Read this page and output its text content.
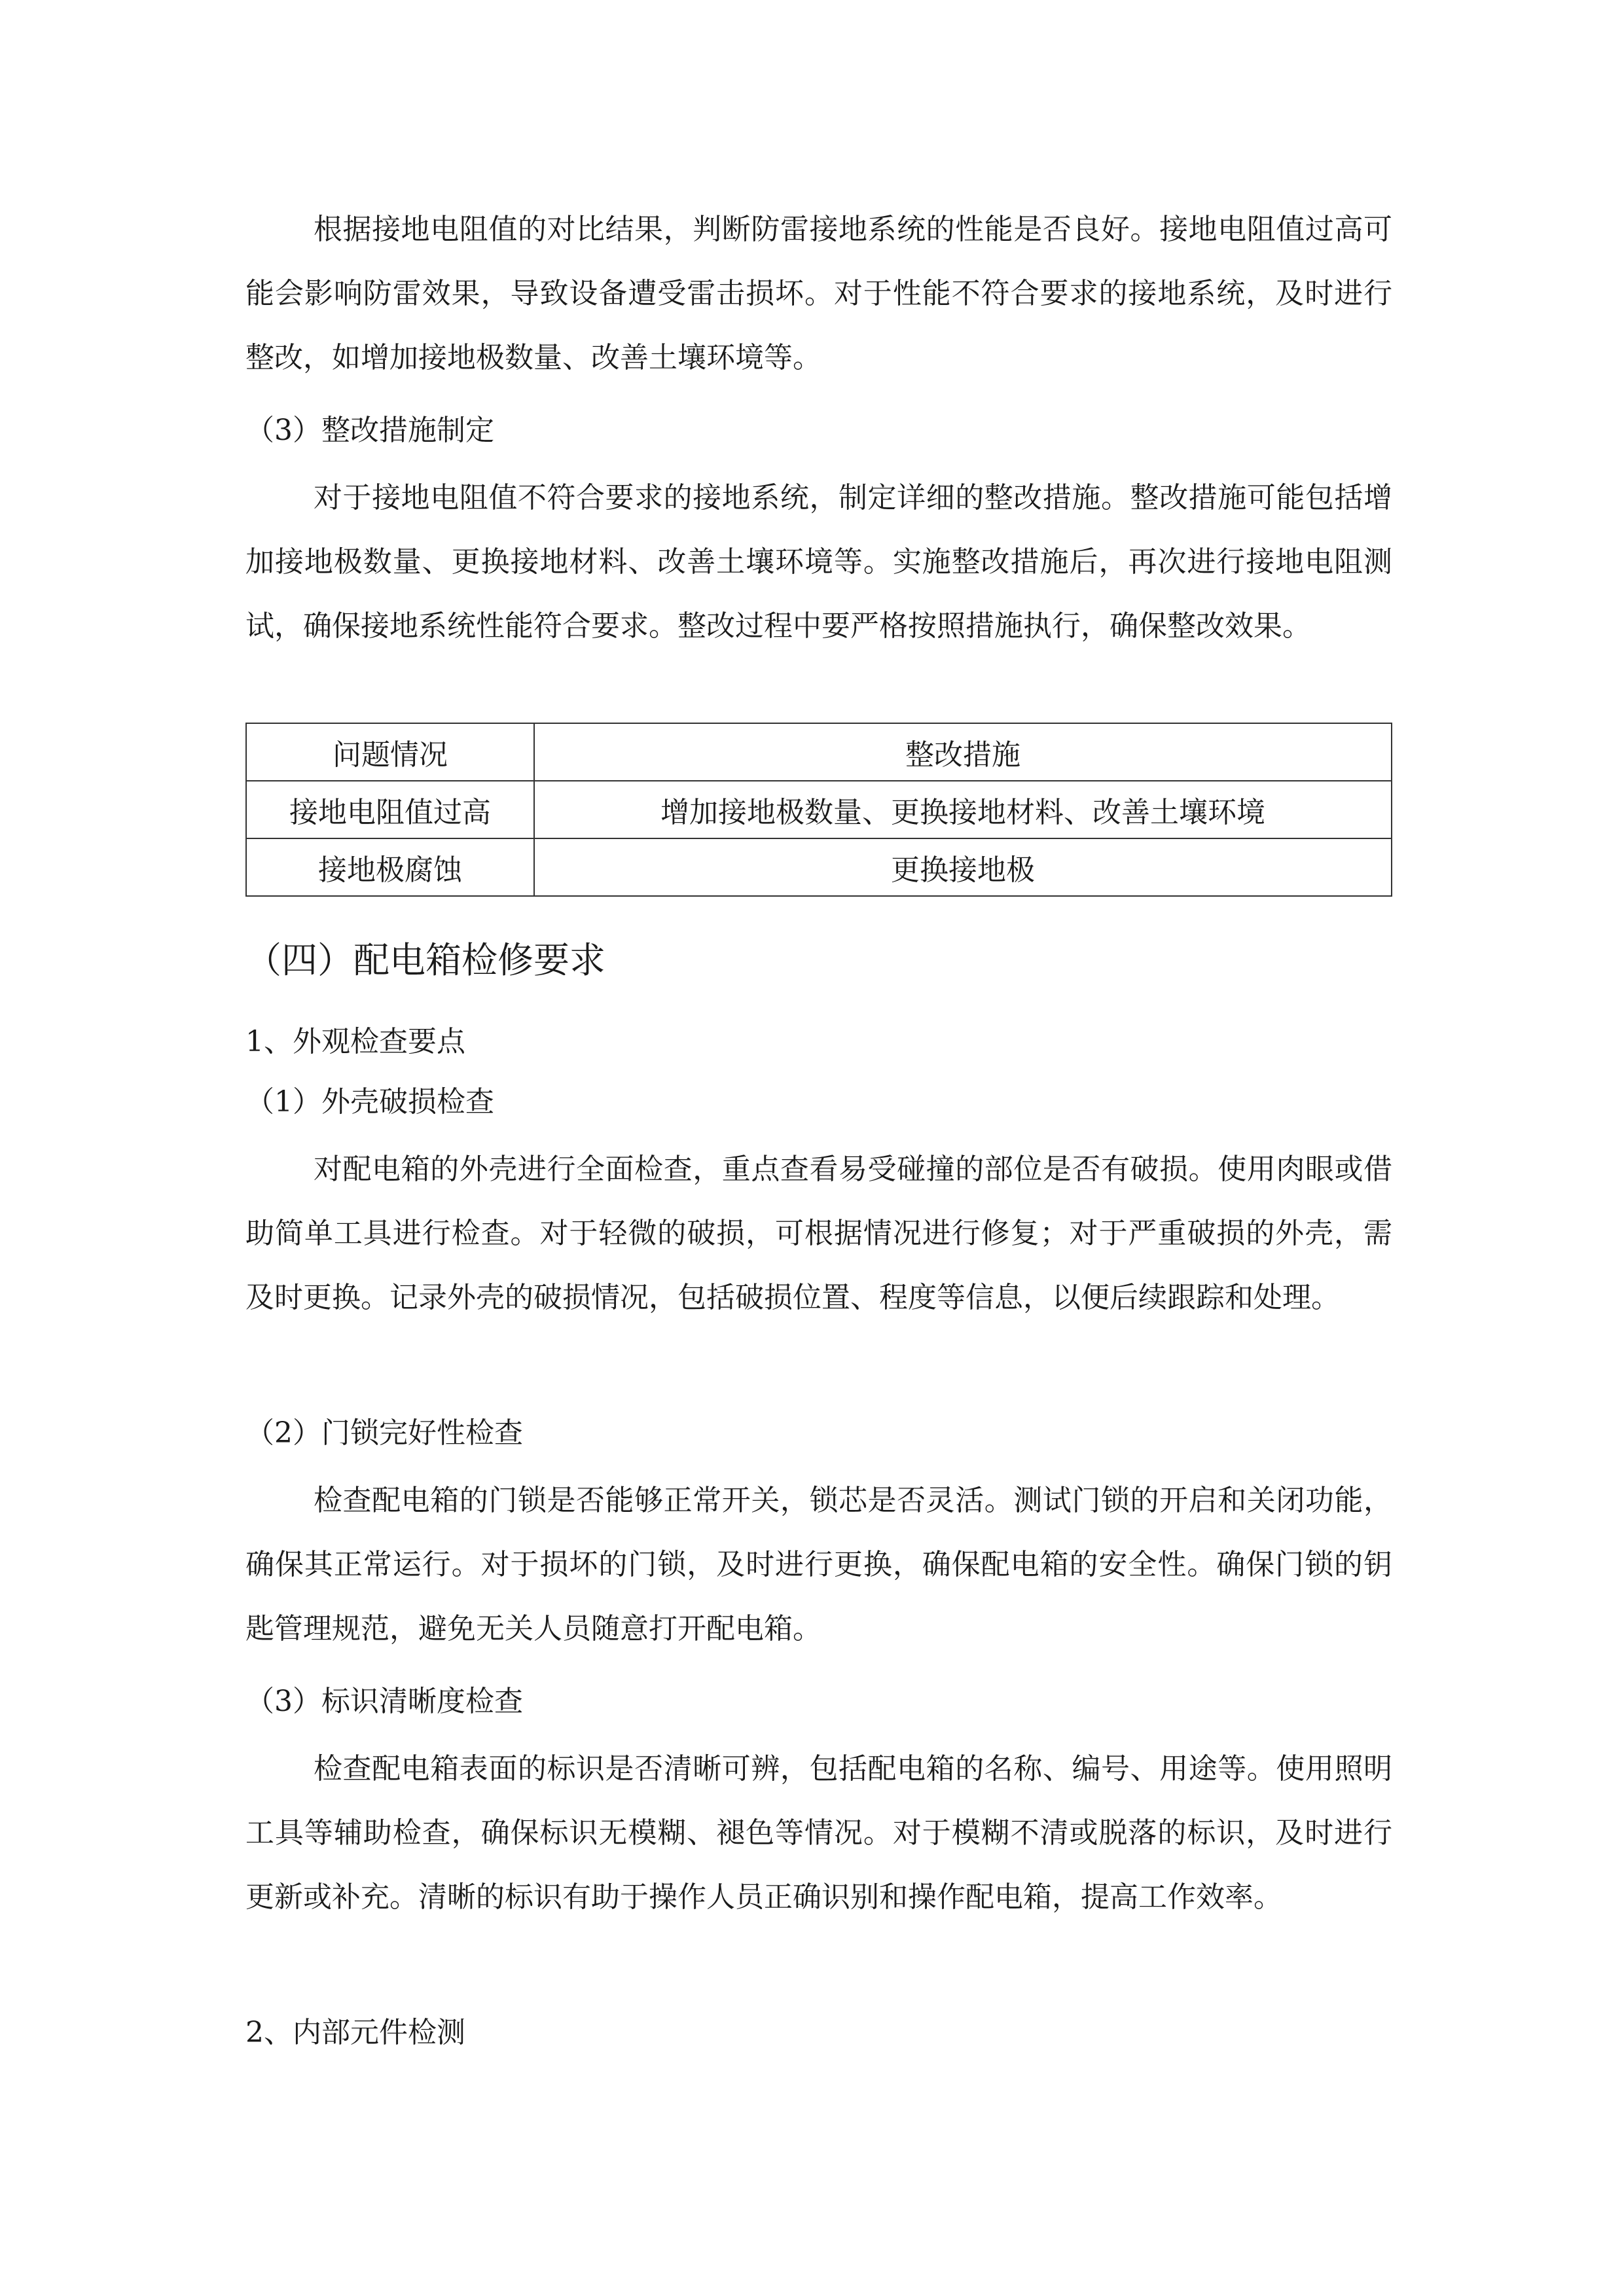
根据接地电阻值的对比结果，判断防雷接地系统的性能是否良好。接地电阻值过高可能会影响防雷效果，导致设备遭受雷击损坏。对于性能不符合要求的接地系统，及时进行整改，如增加接地极数量、改善土壤环境等。

（3）整改措施制定

对于接地电阻值不符合要求的接地系统，制定详细的整改措施。整改措施可能包括增加接地极数量、更换接地材料、改善土壤环境等。实施整改措施后，再次进行接地电阻测试，确保接地系统性能符合要求。整改过程中要严格按照措施执行，确保整改效果。

问题情况	整改措施
接地电阻值过高	增加接地极数量、更换接地材料、改善土壤环境
接地极腐蚀	更换接地极
（四）配电箱检修要求

1、外观检查要点

（1）外壳破损检查

对配电箱的外壳进行全面检查，重点查看易受碰撞的部位是否有破损。使用肉眼或借助简单工具进行检查。对于轻微的破损，可根据情况进行修复；对于严重破损的外壳，需及时更换。记录外壳的破损情况，包括破损位置、程度等信息，以便后续跟踪和处理。

（2）门锁完好性检查

检查配电箱的门锁是否能够正常开关，锁芯是否灵活。测试门锁的开启和关闭功能，确保其正常运行。对于损坏的门锁，及时进行更换，确保配电箱的安全性。确保门锁的钥匙管理规范，避免无关人员随意打开配电箱。

（3）标识清晰度检查

检查配电箱表面的标识是否清晰可辨，包括配电箱的名称、编号、用途等。使用照明工具等辅助检查，确保标识无模糊、褪色等情况。对于模糊不清或脱落的标识，及时进行更新或补充。清晰的标识有助于操作人员正确识别和操作配电箱，提高工作效率。

2、内部元件检测
